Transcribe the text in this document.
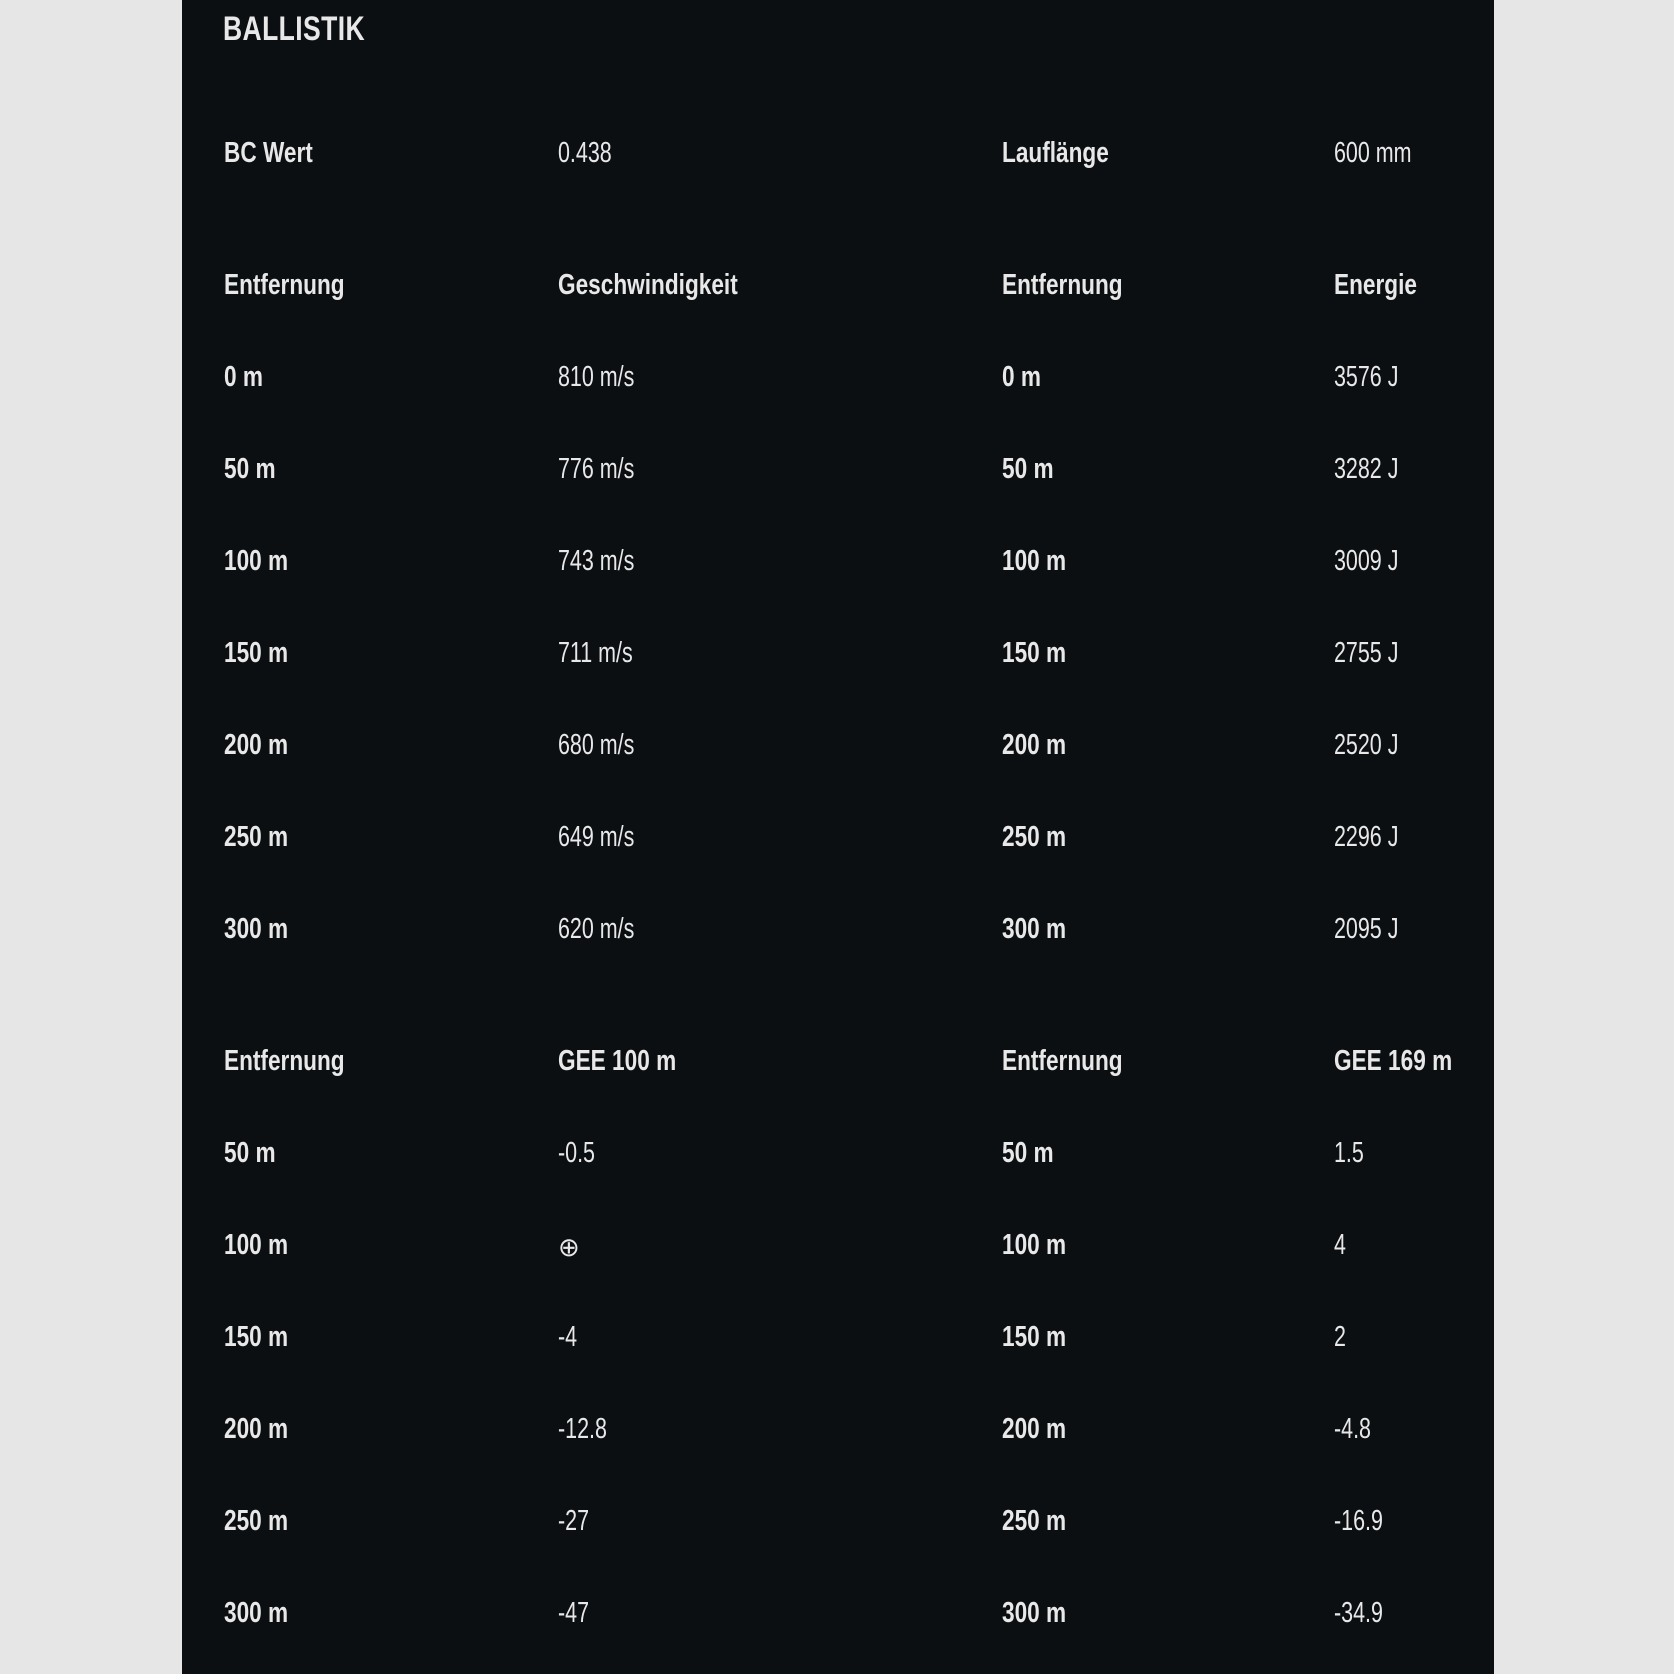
BALLISTIK
BC Wert	0.438	Lauflänge	600 mm
Entfernung	Geschwindigkeit	Entfernung	Energie
0 m	810 m/s	0 m	3576 J
50 m	776 m/s	50 m	3282 J
100 m	743 m/s	100 m	3009 J
150 m	711 m/s	150 m	2755 J
200 m	680 m/s	200 m	2520 J
250 m	649 m/s	250 m	2296 J
300 m	620 m/s	300 m	2095 J
Entfernung	GEE 100 m	Entfernung	GEE 169 m
50 m	-0.5	50 m	1.5
100 m	⊕	100 m	4
150 m	-4	150 m	2
200 m	-12.8	200 m	-4.8
250 m	-27	250 m	-16.9
300 m	-47	300 m	-34.9
